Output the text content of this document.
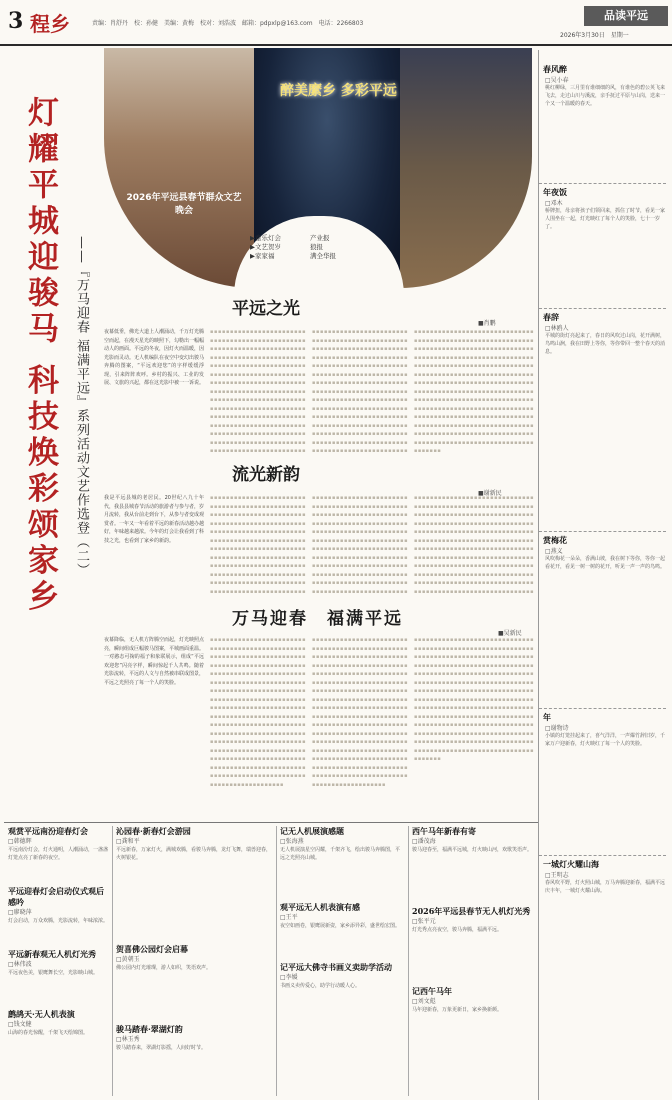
3 程乡	责编：肖舒丹　校：孙健　美编：黄梅　校对：刘浩波　邮箱：pdpxlp@163.com　电话：2266803
品读平远
2026年3月30日　星期一
灯耀平城迎骏马 科技焕彩颂家乡	——『万马迎春 福满平远』系列活动文艺作选登（二）
2026年平远县春节群众文艺晚会
醉美縻乡 多彩平远
▶童乐灯会	产业报 ▶文艺贺岁	狼报 ▶家家福	满全华报
平远之光
■肖鹏
夜幕低垂，佛光大道上人潮涌动，千万灯光腾空而起，在漫天星光的映照下，勾勒出一幅幅动人的画面。平远的冬夜，因灯火而温暖，因光影而灵动。无人机编队在夜空中变幻出骏马奔腾的图案，“平远欢迎您”的字样缓缓浮现，引来阵阵欢呼。乡村的振兴、工业的发展、文旅的兴起，都在这光影中被一一诉说。
▪▪▪▪▪▪▪▪▪▪▪▪▪▪▪▪▪▪▪▪▪▪▪▪▪▪▪▪▪▪▪▪▪▪▪▪▪▪▪▪▪▪▪▪▪▪▪▪▪▪▪▪▪▪▪▪▪▪▪▪▪▪▪▪▪▪▪▪▪▪▪▪▪▪▪▪▪▪▪▪▪▪▪▪▪▪▪▪▪▪▪▪▪▪▪▪▪▪▪▪▪▪▪▪▪▪▪▪▪▪▪▪▪▪▪▪▪▪▪▪▪▪▪▪▪▪▪▪▪▪▪▪▪▪▪▪▪▪▪▪▪▪▪▪▪▪▪▪▪▪▪▪▪▪▪▪▪▪▪▪▪▪▪▪▪▪▪▪▪▪▪▪▪▪▪▪▪▪▪▪▪▪▪▪▪▪▪▪▪▪▪▪▪▪▪▪▪▪▪▪▪▪▪▪▪▪▪▪▪▪▪▪▪▪▪▪▪▪▪▪▪▪▪▪▪▪▪▪▪▪▪▪▪▪▪▪▪▪▪▪▪▪▪▪▪▪▪▪▪▪▪▪▪▪▪▪▪▪▪▪▪▪▪▪▪▪▪▪▪▪▪▪▪▪▪▪▪▪▪▪▪▪▪▪▪▪▪▪▪▪▪▪▪▪▪▪▪▪▪▪▪▪▪▪▪▪▪▪▪▪▪▪▪▪▪▪▪▪▪▪▪▪▪▪▪▪▪▪▪▪▪▪▪▪▪▪▪▪▪▪▪▪▪▪▪▪▪▪▪▪▪▪▪▪▪▪▪▪▪▪
▪▪▪▪▪▪▪▪▪▪▪▪▪▪▪▪▪▪▪▪▪▪▪▪▪▪▪▪▪▪▪▪▪▪▪▪▪▪▪▪▪▪▪▪▪▪▪▪▪▪▪▪▪▪▪▪▪▪▪▪▪▪▪▪▪▪▪▪▪▪▪▪▪▪▪▪▪▪▪▪▪▪▪▪▪▪▪▪▪▪▪▪▪▪▪▪▪▪▪▪▪▪▪▪▪▪▪▪▪▪▪▪▪▪▪▪▪▪▪▪▪▪▪▪▪▪▪▪▪▪▪▪▪▪▪▪▪▪▪▪▪▪▪▪▪▪▪▪▪▪▪▪▪▪▪▪▪▪▪▪▪▪▪▪▪▪▪▪▪▪▪▪▪▪▪▪▪▪▪▪▪▪▪▪▪▪▪▪▪▪▪▪▪▪▪▪▪▪▪▪▪▪▪▪▪▪▪▪▪▪▪▪▪▪▪▪▪▪▪▪▪▪▪▪▪▪▪▪▪▪▪▪▪▪▪▪▪▪▪▪▪▪▪▪▪▪▪▪▪▪▪▪▪▪▪▪▪▪▪▪▪▪▪▪▪▪▪▪▪▪▪▪▪▪▪▪▪▪▪▪▪▪▪▪▪▪▪▪▪▪▪▪▪▪▪▪▪▪▪▪▪▪▪▪▪▪▪▪▪▪▪▪▪▪▪▪▪▪▪▪▪▪▪▪▪▪▪▪▪▪▪▪▪▪▪▪▪▪▪▪▪▪▪▪▪▪▪▪▪▪▪▪▪▪▪▪▪▪▪▪
▪▪▪▪▪▪▪▪▪▪▪▪▪▪▪▪▪▪▪▪▪▪▪▪▪▪▪▪▪▪▪▪▪▪▪▪▪▪▪▪▪▪▪▪▪▪▪▪▪▪▪▪▪▪▪▪▪▪▪▪▪▪▪▪▪▪▪▪▪▪▪▪▪▪▪▪▪▪▪▪▪▪▪▪▪▪▪▪▪▪▪▪▪▪▪▪▪▪▪▪▪▪▪▪▪▪▪▪▪▪▪▪▪▪▪▪▪▪▪▪▪▪▪▪▪▪▪▪▪▪▪▪▪▪▪▪▪▪▪▪▪▪▪▪▪▪▪▪▪▪▪▪▪▪▪▪▪▪▪▪▪▪▪▪▪▪▪▪▪▪▪▪▪▪▪▪▪▪▪▪▪▪▪▪▪▪▪▪▪▪▪▪▪▪▪▪▪▪▪▪▪▪▪▪▪▪▪▪▪▪▪▪▪▪▪▪▪▪▪▪▪▪▪▪▪▪▪▪▪▪▪▪▪▪▪▪▪▪▪▪▪▪▪▪▪▪▪▪▪▪▪▪▪▪▪▪▪▪▪▪▪▪▪▪▪▪▪▪▪▪▪▪▪▪▪▪▪▪▪▪▪▪▪▪▪▪▪▪▪▪▪▪▪▪▪▪▪▪▪▪▪▪▪▪▪▪▪▪▪▪▪▪▪▪▪▪▪▪▪▪▪▪▪▪▪▪▪▪▪▪▪▪▪▪▪▪▪▪▪▪▪▪▪▪▪▪▪▪▪▪▪▪▪▪▪▪▪▪▪▪▪▪▪▪▪▪▪▪▪▪▪▪▪▪▪▪▪▪▪▪▪▪▪▪▪▪▪▪▪▪▪▪▪▪▪▪▪▪▪▪▪▪▪▪▪▪▪▪▪▪▪▪▪▪▪▪▪▪▪▪▪▪▪▪▪▪▪
流光新韵
■谢新民
我是平远县城的老居民。20世纪八九十年代，我县县城春节活动的旅游者与参与者，岁月流转，我从台前走到台下，从参与者变成观赏者。一年又一年看着平远的新春活动越办越好，年味越来越浓。今年的灯会让我看到了科技之光，也看到了家乡的新韵。
▪▪▪▪▪▪▪▪▪▪▪▪▪▪▪▪▪▪▪▪▪▪▪▪▪▪▪▪▪▪▪▪▪▪▪▪▪▪▪▪▪▪▪▪▪▪▪▪▪▪▪▪▪▪▪▪▪▪▪▪▪▪▪▪▪▪▪▪▪▪▪▪▪▪▪▪▪▪▪▪▪▪▪▪▪▪▪▪▪▪▪▪▪▪▪▪▪▪▪▪▪▪▪▪▪▪▪▪▪▪▪▪▪▪▪▪▪▪▪▪▪▪▪▪▪▪▪▪▪▪▪▪▪▪▪▪▪▪▪▪▪▪▪▪▪▪▪▪▪▪▪▪▪▪▪▪▪▪▪▪▪▪▪▪▪▪▪▪▪▪▪▪▪▪▪▪▪▪▪▪▪▪▪▪▪▪▪▪▪▪▪▪▪▪▪▪▪▪▪▪▪▪▪▪▪▪▪▪▪▪▪▪▪▪▪▪▪▪▪▪▪▪▪▪▪▪▪▪▪▪▪▪▪▪▪▪▪▪▪▪▪▪▪▪▪▪▪▪▪▪▪▪▪▪▪▪▪▪▪▪▪▪▪▪▪▪▪▪▪▪▪▪▪▪▪▪▪▪▪▪▪▪▪▪▪▪▪▪
▪▪▪▪▪▪▪▪▪▪▪▪▪▪▪▪▪▪▪▪▪▪▪▪▪▪▪▪▪▪▪▪▪▪▪▪▪▪▪▪▪▪▪▪▪▪▪▪▪▪▪▪▪▪▪▪▪▪▪▪▪▪▪▪▪▪▪▪▪▪▪▪▪▪▪▪▪▪▪▪▪▪▪▪▪▪▪▪▪▪▪▪▪▪▪▪▪▪▪▪▪▪▪▪▪▪▪▪▪▪▪▪▪▪▪▪▪▪▪▪▪▪▪▪▪▪▪▪▪▪▪▪▪▪▪▪▪▪▪▪▪▪▪▪▪▪▪▪▪▪▪▪▪▪▪▪▪▪▪▪▪▪▪▪▪▪▪▪▪▪▪▪▪▪▪▪▪▪▪▪▪▪▪▪▪▪▪▪▪▪▪▪▪▪▪▪▪▪▪▪▪▪▪▪▪▪▪▪▪▪▪▪▪▪▪▪▪▪▪▪▪▪▪▪▪▪▪▪▪▪▪▪▪▪▪▪▪▪▪▪▪▪▪▪▪▪▪▪▪▪▪▪▪▪▪▪▪▪▪▪▪▪▪▪▪▪▪▪▪▪▪▪▪▪▪▪▪▪▪▪▪▪▪▪▪▪▪▪
▪▪▪▪▪▪▪▪▪▪▪▪▪▪▪▪▪▪▪▪▪▪▪▪▪▪▪▪▪▪▪▪▪▪▪▪▪▪▪▪▪▪▪▪▪▪▪▪▪▪▪▪▪▪▪▪▪▪▪▪▪▪▪▪▪▪▪▪▪▪▪▪▪▪▪▪▪▪▪▪▪▪▪▪▪▪▪▪▪▪▪▪▪▪▪▪▪▪▪▪▪▪▪▪▪▪▪▪▪▪▪▪▪▪▪▪▪▪▪▪▪▪▪▪▪▪▪▪▪▪▪▪▪▪▪▪▪▪▪▪▪▪▪▪▪▪▪▪▪▪▪▪▪▪▪▪▪▪▪▪▪▪▪▪▪▪▪▪▪▪▪▪▪▪▪▪▪▪▪▪▪▪▪▪▪▪▪▪▪▪▪▪▪▪▪▪▪▪▪▪▪▪▪▪▪▪▪▪▪▪▪▪▪▪▪▪▪▪▪▪▪▪▪▪▪▪▪▪▪▪▪▪▪▪▪▪▪▪▪▪▪▪▪▪▪▪▪▪▪▪▪▪▪▪▪▪▪▪▪▪▪▪▪▪▪▪▪▪▪▪▪▪▪▪▪▪▪▪▪▪▪▪▪▪▪▪▪▪▪▪▪▪▪▪▪▪▪▪▪▪▪▪▪▪▪▪▪▪▪▪▪▪▪▪▪▪▪▪▪▪▪▪▪▪▪▪▪▪▪▪▪▪▪▪▪▪▪▪▪▪▪▪▪▪▪▪▪▪▪▪▪▪▪▪▪▪▪▪▪▪
万马迎春　福满平远
■吴新民
夜幕降临，无人机方阵腾空而起，灯光映照点亮，瞬间组成巨幅骏马图案，平城画面重温。一对憨态可掬的福子和象联展示，组成“平远欢迎您”闪亮字样，瞬间惊起千人共鸣。随着光影流转，平远的人文与自然被串联成图景，平远之光照亮了每一个人的笑脸。
▪▪▪▪▪▪▪▪▪▪▪▪▪▪▪▪▪▪▪▪▪▪▪▪▪▪▪▪▪▪▪▪▪▪▪▪▪▪▪▪▪▪▪▪▪▪▪▪▪▪▪▪▪▪▪▪▪▪▪▪▪▪▪▪▪▪▪▪▪▪▪▪▪▪▪▪▪▪▪▪▪▪▪▪▪▪▪▪▪▪▪▪▪▪▪▪▪▪▪▪▪▪▪▪▪▪▪▪▪▪▪▪▪▪▪▪▪▪▪▪▪▪▪▪▪▪▪▪▪▪▪▪▪▪▪▪▪▪▪▪▪▪▪▪▪▪▪▪▪▪▪▪▪▪▪▪▪▪▪▪▪▪▪▪▪▪▪▪▪▪▪▪▪▪▪▪▪▪▪▪▪▪▪▪▪▪▪▪▪▪▪▪▪▪▪▪▪▪▪▪▪▪▪▪▪▪▪▪▪▪▪▪▪▪▪▪▪▪▪▪▪▪▪▪▪▪▪▪▪▪▪▪▪▪▪▪▪▪▪▪▪▪▪▪▪▪▪▪▪▪▪▪▪▪▪▪▪▪▪▪▪▪▪▪▪▪▪▪▪▪▪▪▪▪▪▪▪▪▪▪▪▪▪▪▪▪▪▪▪▪▪▪▪▪▪▪▪▪▪▪▪▪▪▪▪▪▪▪▪▪▪▪▪▪▪▪▪▪▪▪▪▪▪▪▪▪▪▪▪▪▪▪▪▪▪▪▪▪▪▪▪▪▪▪▪▪▪▪▪▪▪▪▪▪▪▪▪▪▪▪▪▪▪▪▪▪▪▪▪▪▪▪▪▪▪▪▪▪▪▪▪▪▪▪▪▪▪▪▪▪▪▪▪▪▪▪▪▪▪▪▪▪▪▪▪▪▪▪▪▪▪▪▪▪▪▪▪▪▪▪▪▪▪▪▪▪▪
▪▪▪▪▪▪▪▪▪▪▪▪▪▪▪▪▪▪▪▪▪▪▪▪▪▪▪▪▪▪▪▪▪▪▪▪▪▪▪▪▪▪▪▪▪▪▪▪▪▪▪▪▪▪▪▪▪▪▪▪▪▪▪▪▪▪▪▪▪▪▪▪▪▪▪▪▪▪▪▪▪▪▪▪▪▪▪▪▪▪▪▪▪▪▪▪▪▪▪▪▪▪▪▪▪▪▪▪▪▪▪▪▪▪▪▪▪▪▪▪▪▪▪▪▪▪▪▪▪▪▪▪▪▪▪▪▪▪▪▪▪▪▪▪▪▪▪▪▪▪▪▪▪▪▪▪▪▪▪▪▪▪▪▪▪▪▪▪▪▪▪▪▪▪▪▪▪▪▪▪▪▪▪▪▪▪▪▪▪▪▪▪▪▪▪▪▪▪▪▪▪▪▪▪▪▪▪▪▪▪▪▪▪▪▪▪▪▪▪▪▪▪▪▪▪▪▪▪▪▪▪▪▪▪▪▪▪▪▪▪▪▪▪▪▪▪▪▪▪▪▪▪▪▪▪▪▪▪▪▪▪▪▪▪▪▪▪▪▪▪▪▪▪▪▪▪▪▪▪▪▪▪▪▪▪▪▪▪▪▪▪▪▪▪▪▪▪▪▪▪▪▪▪▪▪▪▪▪▪▪▪▪▪▪▪▪▪▪▪▪▪▪▪▪▪▪▪▪▪▪▪▪▪▪▪▪▪▪▪▪▪▪▪▪▪▪▪▪▪▪▪▪▪▪▪▪▪▪▪▪▪▪▪▪▪▪▪▪▪▪▪▪▪▪▪▪▪▪▪▪▪▪▪▪▪▪▪▪▪▪▪▪▪▪▪▪▪▪▪▪▪▪▪▪▪▪▪▪▪▪▪▪▪▪▪▪▪▪▪▪▪▪▪▪▪▪▪
▪▪▪▪▪▪▪▪▪▪▪▪▪▪▪▪▪▪▪▪▪▪▪▪▪▪▪▪▪▪▪▪▪▪▪▪▪▪▪▪▪▪▪▪▪▪▪▪▪▪▪▪▪▪▪▪▪▪▪▪▪▪▪▪▪▪▪▪▪▪▪▪▪▪▪▪▪▪▪▪▪▪▪▪▪▪▪▪▪▪▪▪▪▪▪▪▪▪▪▪▪▪▪▪▪▪▪▪▪▪▪▪▪▪▪▪▪▪▪▪▪▪▪▪▪▪▪▪▪▪▪▪▪▪▪▪▪▪▪▪▪▪▪▪▪▪▪▪▪▪▪▪▪▪▪▪▪▪▪▪▪▪▪▪▪▪▪▪▪▪▪▪▪▪▪▪▪▪▪▪▪▪▪▪▪▪▪▪▪▪▪▪▪▪▪▪▪▪▪▪▪▪▪▪▪▪▪▪▪▪▪▪▪▪▪▪▪▪▪▪▪▪▪▪▪▪▪▪▪▪▪▪▪▪▪▪▪▪▪▪▪▪▪▪▪▪▪▪▪▪▪▪▪▪▪▪▪▪▪▪▪▪▪▪▪▪▪▪▪▪▪▪▪▪▪▪▪▪▪▪▪▪▪▪▪▪▪▪▪▪▪▪▪▪▪▪▪▪▪▪▪▪▪▪▪▪▪▪▪▪▪▪▪▪▪▪▪▪▪▪▪▪▪▪▪▪▪▪▪▪▪▪▪▪▪▪▪▪▪▪▪▪▪▪▪▪▪▪▪▪▪▪▪▪▪▪▪▪▪▪▪▪▪▪▪▪▪▪▪▪▪▪▪▪▪▪▪▪▪▪▪▪▪▪▪▪▪▪▪▪▪▪▪▪▪▪▪▪▪▪▪▪▪▪▪▪▪▪▪▪▪▪▪▪▪▪▪▪▪▪▪▪▪▪▪▪▪
春风醉
□吴小春
桃红柳绿，三月里有谁细细的风，有谁色的碧公英飞来飞去，走过山川与溪流，亲手抚过平原与山岗，送来一个又一个温暖的春天。
年夜饭
□邓木
桥牌扭，母亲将孩子们领回来，抓住了时节，看见一家人围坐在一起，灯光映红了每个人的笑脸，七十一岁了。
春辞
□林鸥人
平城的街灯亮起来了，春日的风吹过山岗，花开满树，鸟鸣山涧，我在田野上等你，等你带回一整个春天的消息。
赏梅花
□燕义
风吹梅花一朵朵，香满山坡，我在树下等你，等你一起看花开，看见一树一树的花开，听见一声一声的鸟鸣。
年
□谢物诗
小镇的灯笼挂起来了，喜气洋洋，一声爆竹辞旧岁，千家万户迎新春，灯火映红了每一个人的笑脸。
一城灯火耀山海
□王明志
春风吹平野，灯火照山城，万马奔腾迎新春，福满平远庆丰年，一城灯火耀山海。
观赏平远南汾迎春灯会
□韩德辉
平远南汾灯会，灯火通明，人潮涌动，一盏盏灯笼点亮了新春的夜空。
平远迎春灯会启动仪式观后感吟
□廖晓萍
灯会启动，万众欢腾，光影流转，年味浓浓。
平远新春观无人机灯光秀
□林伟波
平远夜色美，银鹰舞长空，光影映山城。
鹧鸪天·无人机表演
□钱文健
山海的春光惊醒，千架飞天绘锦图。
沁园春·新春灯会游园
□龚和平
平远新春，万家灯火，满城欢腾，看骏马奔腾，龙灯飞舞，瑞兽迎春，火树银花。
贺喜佛公园灯会启幕
□黄朝玉
佛公园内灯光璀璨，游人如织，笑语欢声。
骏马踏春·翠湖灯韵
□林玉秀
骏马踏春来，翠湖灯影摇，人间好时节。
记无人机展演感题
□张海燕
无人机展演星空闪耀，千架齐飞，绘出骏马奔腾图，平远之光照亮山城。
观平远无人机表演有感
□王平
夜空如画卷，银鹰展新姿，家乡添异彩，盛世绘宏图。
记平远大佛寺书画义卖助学活动
□李媛
书画义卖传爱心，助学行动暖人心。
西午马年新春有寄
□潘茂海
骏马迎春至，福满平远城，灯火映山河，欢歌笑语声。
2026年平远县春节无人机灯光秀
□张平元
灯光秀点亮夜空，骏马奔腾，福满平远。
记西午马年
□刘文彪
马年迎新春，万象更新日，家乡换新颜。
